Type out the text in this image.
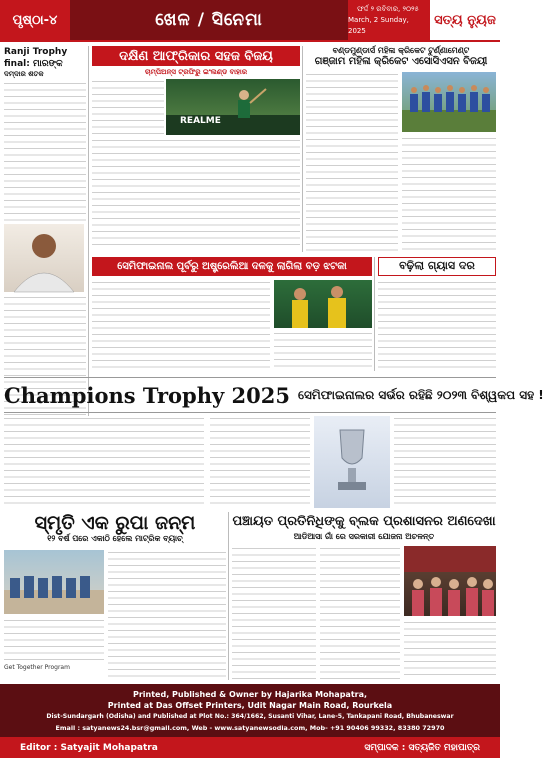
ପୃଷ୍ଠା-୪	ଖେଳ / ସିନେମା
ଫର୍ଦ୍ଦ ୨ ରବିବାର, ୨୦୨୫
March, 2 Sunday, 2025
ସତ୍ୟ ନ୍ୟୁଜ
Ranji Trophy final: ମାରଙ୍କ
ଦମ୍ଦାର ଶତକ
ଦକ୍ଷିଣ ଆଫ୍ରିକାର ସହଜ ବିଜୟ
ଚାମ୍ପିଅନ୍ସ ଟ୍ରଫିରୁ ଇଂଲଣ୍ଡ ବାହାର
REALME
ବଣ୍ଡମୁଣ୍ଡାର୍ସ ମହିଳା କ୍ରିକେଟ ଟୁର୍ଣ୍ଣାମେଣ୍ଟ
ଗଞ୍ଜାମ ମହିଳା କ୍ରିକେଟ ଏସୋସିଏସନ ବିଜୟୀ
ସେମିଫାଇନାଲ ପୂର୍ବରୁ ଅଷ୍ଟ୍ରେଲିଆ ଦଳକୁ ଲାଗିଲା ବଡ଼ ଝଟକା	ବଢ଼ିଲା ଗ୍ୟାସ ଦର
Champions Trophy 2025 ସେମିଫାଇନାଲର ସର୍ଭର ରହିଛି ୨୦୨୩ ବିଶ୍ୱକପ ସହ !
ସ୍ମୃତି ଏକ ରୁପା ଜନ୍ମ
୧୨ ବର୍ଷ ପରେ ଏକାଠି ହେଲେ ମାଟ୍ରିକ ବ୍ୟାଚ୍
Get Together Program
ପଞ୍ଚାୟତ ପ୍ରତିନିଧିଙ୍କୁ ବ୍ଲକ ପ୍ରଶାସନର ଅଣଦେଖା
ଆଡିଆସା ଗାଁ ରେ ସରକାରୀ ଯୋଜନା ଅଚଳନ୍ତ
Printed, Published & Owner by Hajarika Mohapatra,
Printed at Das Offset Printers, Udit Nagar Main Road, Rourkela
Dist-Sundargarh (Odisha) and Published at Plot No.: 364/1662, Susanti Vihar, Lane-5, Tankapani Road, Bhubaneswar
Email : satyanews24.bsr@gmail.com, Web - www.satyanewsodia.com, Mob- +91 90406 99332, 83380 72970
Editor : Satyajit Mohapatra	ସମ୍ପାଦକ : ସତ୍ୟଜିତ ମହାପାତ୍ର
